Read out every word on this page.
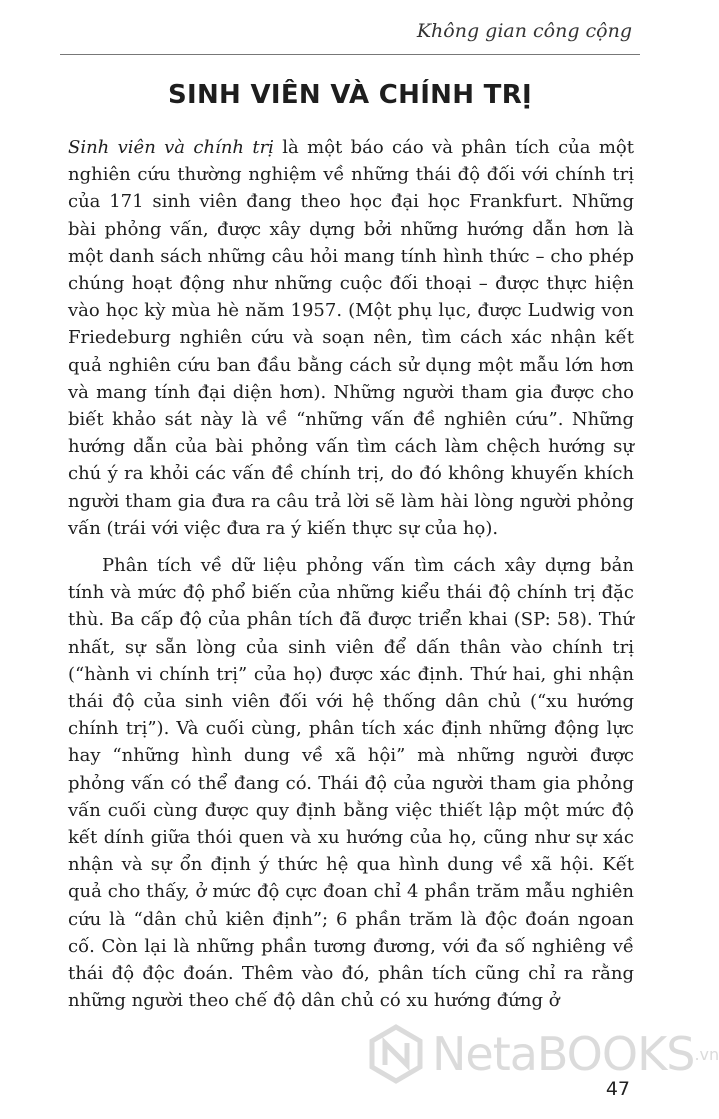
Không gian công cộng
SINH VIÊN VÀ CHÍNH TRỊ

Sinh viên và chính trị là một báo cáo và phân tích của một nghiên cứu thường nghiệm về những thái độ đối với chính trị của 171 sinh viên đang theo học đại học Frankfurt. Những bài phỏng vấn, được xây dựng bởi những hướng dẫn hơn là một danh sách những câu hỏi mang tính hình thức – cho phép chúng hoạt động như những cuộc đối thoại – được thực hiện vào học kỳ mùa hè năm 1957. (Một phụ lục, được Ludwig von Friedeburg nghiên cứu và soạn nên, tìm cách xác nhận kết quả nghiên cứu ban đầu bằng cách sử dụng một mẫu lớn hơn và mang tính đại diện hơn). Những người tham gia được cho biết khảo sát này là về “những vấn đề nghiên cứu”. Những hướng dẫn của bài phỏng vấn tìm cách làm chệch hướng sự chú ý ra khỏi các vấn đề chính trị, do đó không khuyến khích người tham gia đưa ra câu trả lời sẽ làm hài lòng người phỏng vấn (trái với việc đưa ra ý kiến thực sự của họ).

Phân tích về dữ liệu phỏng vấn tìm cách xây dựng bản tính và mức độ phổ biến của những kiểu thái độ chính trị đặc thù. Ba cấp độ của phân tích đã được triển khai (SP: 58). Thứ nhất, sự sẵn lòng của sinh viên để dấn thân vào chính trị (“hành vi chính trị” của họ) được xác định. Thứ hai, ghi nhận thái độ của sinh viên đối với hệ thống dân chủ (“xu hướng chính trị”). Và cuối cùng, phân tích xác định những động lực hay “những hình dung về xã hội” mà những người được phỏng vấn có thể đang có. Thái độ của người tham gia phỏng vấn cuối cùng được quy định bằng việc thiết lập một mức độ kết dính giữa thói quen và xu hướng của họ, cũng như sự xác nhận và sự ổn định ý thức hệ qua hình dung về xã hội. Kết quả cho thấy, ở mức độ cực đoan chỉ 4 phần trăm mẫu nghiên cứu là “dân chủ kiên định”; 6 phần trăm là độc đoán ngoan cố. Còn lại là những phần tương đương, với đa số nghiêng về thái độ độc đoán. Thêm vào đó, phân tích cũng chỉ ra rằng những người theo chế độ dân chủ có xu hướng đứng ở

NetaBOOKS .vn
47
